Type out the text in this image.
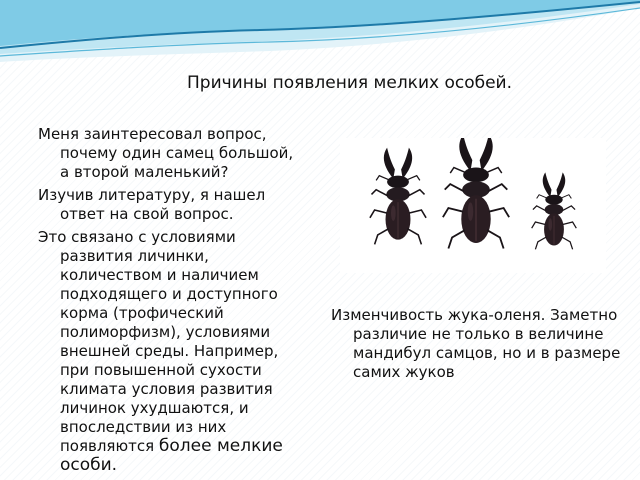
Причины появления мелких особей.

Меня заинтересовал вопрос, почему один самец большой, а второй маленький?

Изучив литературу, я нашел ответ на свой вопрос.

Это связано с условиями развития личинки, количеством и наличием подходящего и доступного корма (трофический полиморфизм), условиями внешней среды. Например, при повышенной сухости климата условия развития личинок ухудшаются, и впоследствии из них появляются более мелкие особи.

Изменчивость жука-оленя. Заметно различие не только в величине мандибул самцов, но и в размере самих жуков
